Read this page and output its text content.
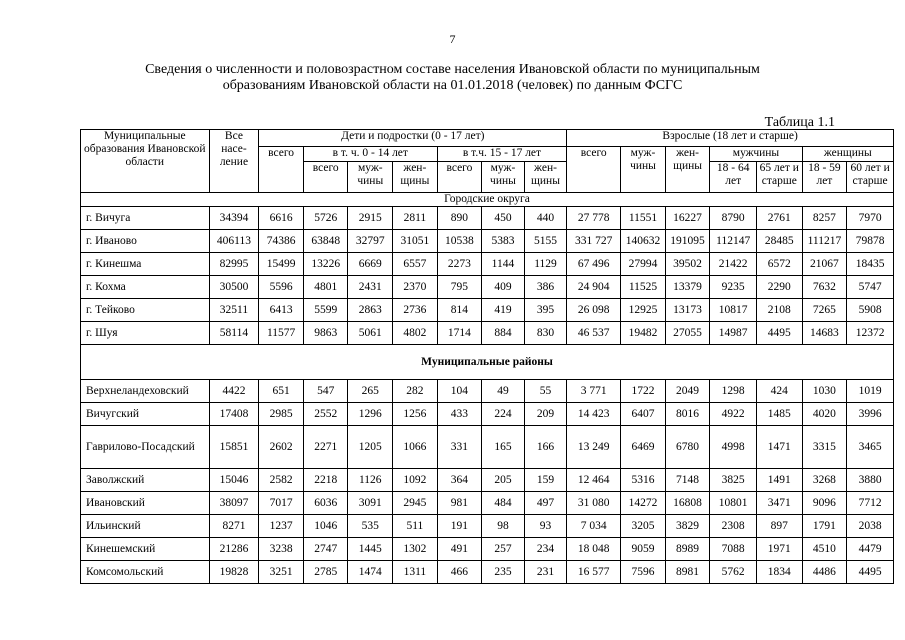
7
Сведения о численности и половозрастном составе населения Ивановской области по муниципальным
образованиям Ивановской области на 01.01.2018 (человек) по данным ФСГС
Таблица 1.1
Муниципальные образования Ивановской области	Все насе-ление	Дети и подростки (0 - 17 лет)							Взрослые (18 лет и старше)						
		всего	в т. ч. 0 - 14 лет			в т.ч. 15 - 17 лет			всего	муж-чины	жен-щины	мужчины		женщины	
			всего	муж-чины	жен-щины	всего	муж-чины	жен-щины				18 - 64 лет	65 лет и старше	18 - 59 лет	60 лет и старше
Городские округа															
г. Вичуга	34394	6616	5726	2915	2811	890	450	440	27 778	11551	16227	8790	2761	8257	7970
г. Иваново	406113	74386	63848	32797	31051	10538	5383	5155	331 727	140632	191095	112147	28485	111217	79878
г. Кинешма	82995	15499	13226	6669	6557	2273	1144	1129	67 496	27994	39502	21422	6572	21067	18435
г. Кохма	30500	5596	4801	2431	2370	795	409	386	24 904	11525	13379	9235	2290	7632	5747
г. Тейково	32511	6413	5599	2863	2736	814	419	395	26 098	12925	13173	10817	2108	7265	5908
г. Шуя	58114	11577	9863	5061	4802	1714	884	830	46 537	19482	27055	14987	4495	14683	12372
Муниципальные районы															
Верхнеландеховский	4422	651	547	265	282	104	49	55	3 771	1722	2049	1298	424	1030	1019
Вичугский	17408	2985	2552	1296	1256	433	224	209	14 423	6407	8016	4922	1485	4020	3996
Гаврилово-Посадский	15851	2602	2271	1205	1066	331	165	166	13 249	6469	6780	4998	1471	3315	3465
Заволжский	15046	2582	2218	1126	1092	364	205	159	12 464	5316	7148	3825	1491	3268	3880
Ивановский	38097	7017	6036	3091	2945	981	484	497	31 080	14272	16808	10801	3471	9096	7712
Ильинский	8271	1237	1046	535	511	191	98	93	7 034	3205	3829	2308	897	1791	2038
Кинешемский	21286	3238	2747	1445	1302	491	257	234	18 048	9059	8989	7088	1971	4510	4479
Комсомольский	19828	3251	2785	1474	1311	466	235	231	16 577	7596	8981	5762	1834	4486	4495
